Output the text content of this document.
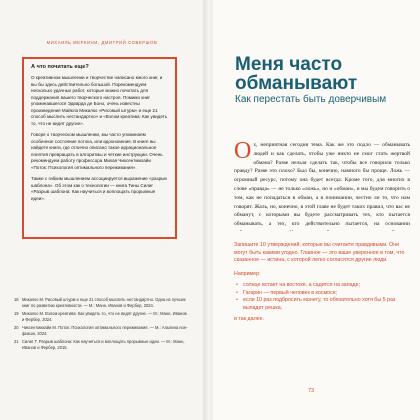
МИХАИЛЬ МЕРКИНИ, ДМИТРИЙ СОВЕРШОВ
А что почитать еще?

О креативном мышлении и творчестве написано много книг, и вы бы здесь действительно большой. Порекомендуем несколько удачных работ, которые можно почитать для поддержания вашего творческого настроя. Помимо книг упоминавшегося Эдварда де Боно, очень известны произведения Майкла Микалко «Рисовый штурм» и еще 21 способ мыслить нестандартно» и «Взлом креатива: Как увидеть то, что не видят другие».

Говоря о творческом мышлении, мы часто упоминаем особенное состояние потока, или вдохновения. В книге вы найдете книги, где отлично описано такое иррациональное понятия превращать в алгоритмы и четкие инструкции. Очень рекомендуем работу профессора Михая Чиксентмихайи «Поток: Психология оптимального переживания».

Также с гибким мышлением ассоциируется выражение «разрыв шаблона». Об этом как о технологии — книга Тины Силиг «Разрыв шаблона: Как научиться и воплощать прорывные идеи».

18 Микалко М. Рисовый штурм и еще 21 способ мыслить нестандартно. Одна из лучших книг по развитию креативности. — М.: Манн, Иванов и Фербер, 2024.
19 Микалко М. Взлом креатива: Как увидеть то, что не видят другие. — М.: Манн, Иванов и Фербер, 2024.
20 Чиксентмихайи М. Поток: Психология оптимального переживания. — М.: Альпина нон-фикшн, 2024.
21 Силиг Т. Разрыв шаблона: Как научиться и воплощать прорывные идеи. — М.: Манн, Иванов и Фербер, 2015.
Меня часто обманывают
Как перестать быть доверчивым
Ох, неприятная сегодня тема. Как же это подло — обманывать людей и как сделать, чтобы уже никто не смог стать жертвой обмана? Разве нельзя сделать так, чтобы все говорили только правду? Разве это плохо? Был бы, конечно, намного бы проще. Ложь — огромный ресурс, потому она будет всегда. Кроме того, для многих в слове «правда» — не только «ложь», но и «обман», и мы будем говорить о том, как не попадаться в обман, а в понимании, честно ли то, что нам говорят. Жаль, но, конечно, в этой главе не будет таких правил, что вас не обманут, с которыми вы будете рассматривать тех, кто пытается обманывать, а тех, кто действительно пытается, на основании

Запишите 10 утверждений, которые вы считаете правдивыми. Они могут быть какими угодно. Главное — это ваше уверенное в том, что сказанное — истина, с которой легко согласятся другие люди.

Например:

• солнце встает на востоке, а садится на западе;
• Гагарин — первый человек в космосе;
• если 10 раз подбросить монету, то обязательно хотя бы 5 раз выпадет решка,

и так далее.

73
